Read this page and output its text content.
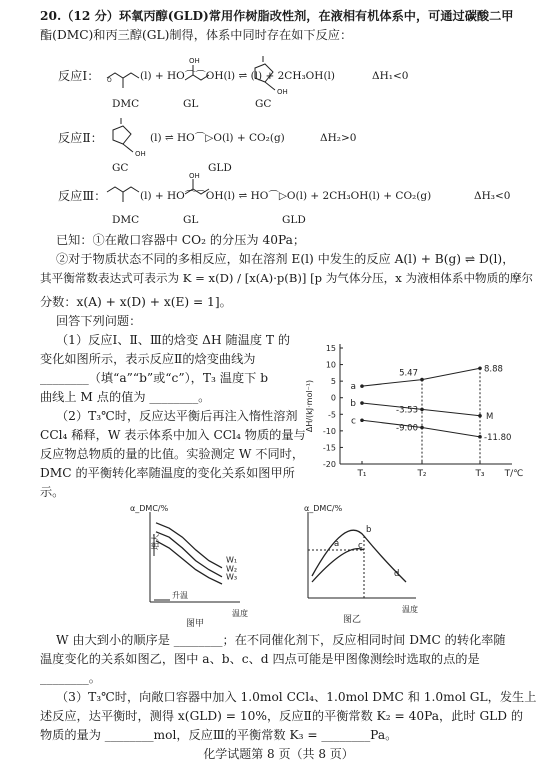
20.（12 分）环氧丙醇(GLD)常用作树脂改性剂，在液相有机体系中，可通过碳酸二甲
酯(DMC)和丙三醇(GL)制得，体系中同时存在如下反应：
反应Ⅰ： O
OH
OH
(l) + HO⌒⌒OH(l) ⇌ (l) + 2CH₃OH(l)	ΔH₁<0
DMC	GL	GC
反应Ⅱ：
OH
(l) ⇌ HO⌒▷O(l) + CO₂(g)	ΔH₂>0
GC	GLD
反应Ⅲ：
OH
(l) + HO⌒⌒OH(l) ⇌ HO⌒▷O(l) + 2CH₃OH(l) + CO₂(g)	ΔH₃<0
DMC	GL	GLD
已知：①在敞口容器中 CO₂ 的分压为 40Pa；
②对于物质状态不同的多相反应，如在溶剂 E(l) 中发生的反应 A(l) + B(g) ⇌ D(l)，
其平衡常数表达式可表示为 K = x(D) / [x(A)·p(B)] [p 为气体分压，x 为液相体系中物质的摩尔
分数：x(A) + x(D) + x(E) = 1]。
回答下列问题：
（1）反应Ⅰ、Ⅱ、Ⅲ的焓变 ΔH 随温度 T 的
变化如图所示，表示反应Ⅱ的焓变曲线为
________（填“a”“b”或“c”），T₃ 温度下 b
曲线上 M 点的值为 ________。
（2）T₃℃时，反应达平衡后再注入惰性溶剂
CCl₄ 稀释，W 表示体系中加入 CCl₄ 物质的量与
反应物总物质的量的比值。实验测定 W 不同时，
DMC 的平衡转化率随温度的变化关系如图甲所
示。
15
10
5
0
-5
-10
-15
-20
T₁	T₂	T₃ T/℃
ΔH/(kJ·mol⁻¹)	a
b
c
5.47	8.88
-3.53
M
-9.00
-11.80
α_DMC/%
温度
增大
升温
图甲
W₁
W₂
W₃
α_DMC/%
温度
图乙
a
b
c
d
W 由大到小的顺序是 ________；在不同催化剂下，反应相同时间 DMC 的转化率随
温度变化的关系如图乙，图中 a、b、c、d 四点可能是甲图像测绘时选取的点的是
________。
（3）T₃℃时，向敞口容器中加入 1.0mol CCl₄、1.0mol DMC 和 1.0mol GL，发生上
述反应，达平衡时，测得 x(GLD) = 10%，反应Ⅱ的平衡常数 K₂ = 40Pa，此时 GLD 的
物质的量为 ________mol，反应Ⅲ的平衡常数 K₃ = ________Pa。
化学试题第 8 页（共 8 页）
